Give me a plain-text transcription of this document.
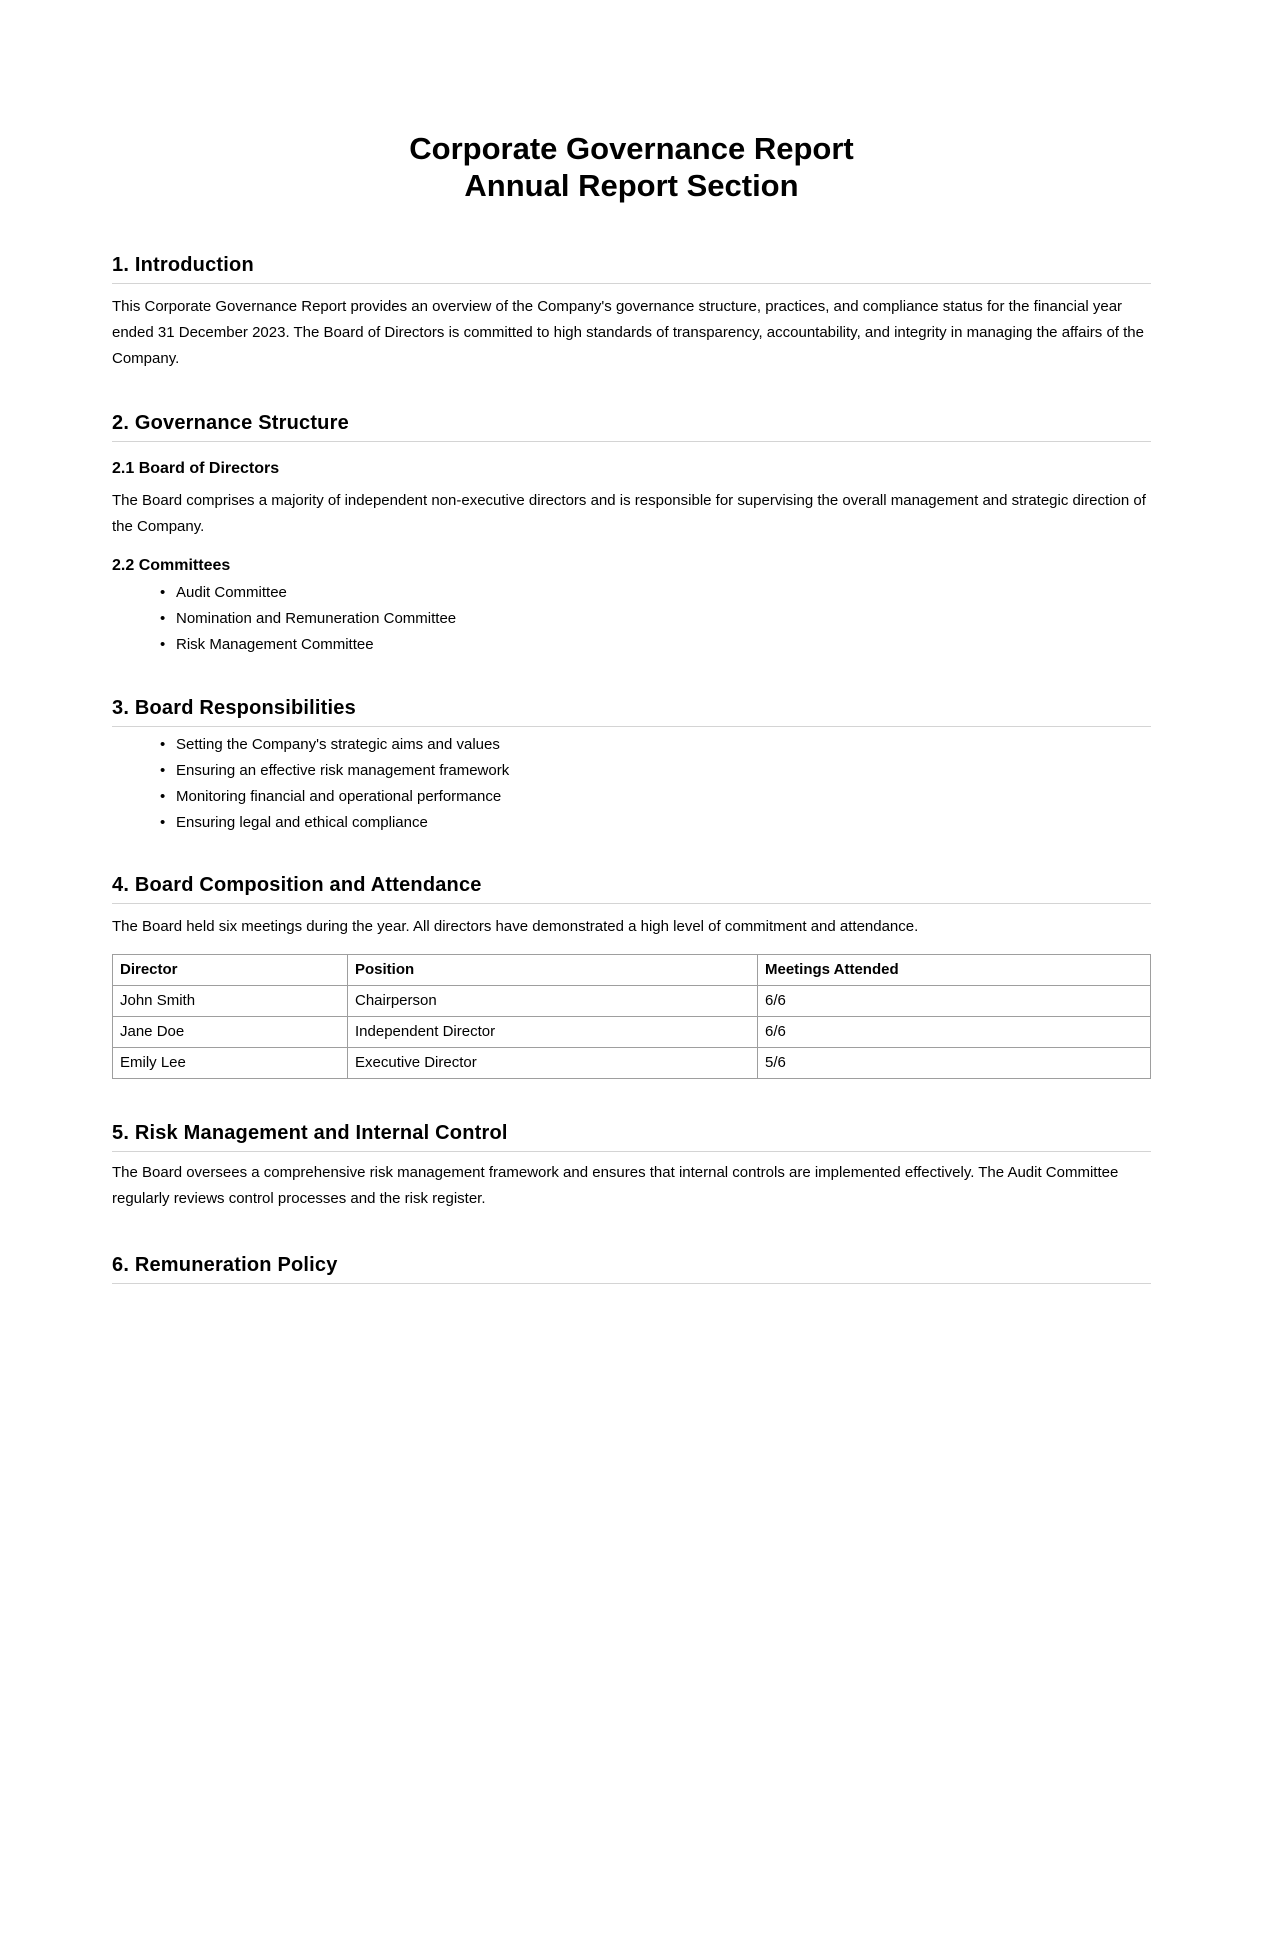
Corporate Governance Report
Annual Report Section
1. Introduction

This Corporate Governance Report provides an overview of the Company's governance structure, practices, and compliance status for the financial year ended 31 December 2023. The Board of Directors is committed to high standards of transparency, accountability, and integrity in managing the affairs of the Company.

2. Governance Structure
2.1 Board of Directors

The Board comprises a majority of independent non-executive directors and is responsible for supervising the overall management and strategic direction of the Company.

2.2 Committees
• Audit Committee
• Nomination and Remuneration Committee
• Risk Management Committee
3. Board Responsibilities
• Setting the Company's strategic aims and values
• Ensuring an effective risk management framework
• Monitoring financial and operational performance
• Ensuring legal and ethical compliance
4. Board Composition and Attendance

The Board held six meetings during the year. All directors have demonstrated a high level of commitment and attendance.

Director	Position	Meetings Attended
John Smith	Chairperson	6/6
Jane Doe	Independent Director	6/6
Emily Lee	Executive Director	5/6
5. Risk Management and Internal Control

The Board oversees a comprehensive risk management framework and ensures that internal controls are implemented effectively. The Audit Committee regularly reviews control processes and the risk register.

6. Remuneration Policy
